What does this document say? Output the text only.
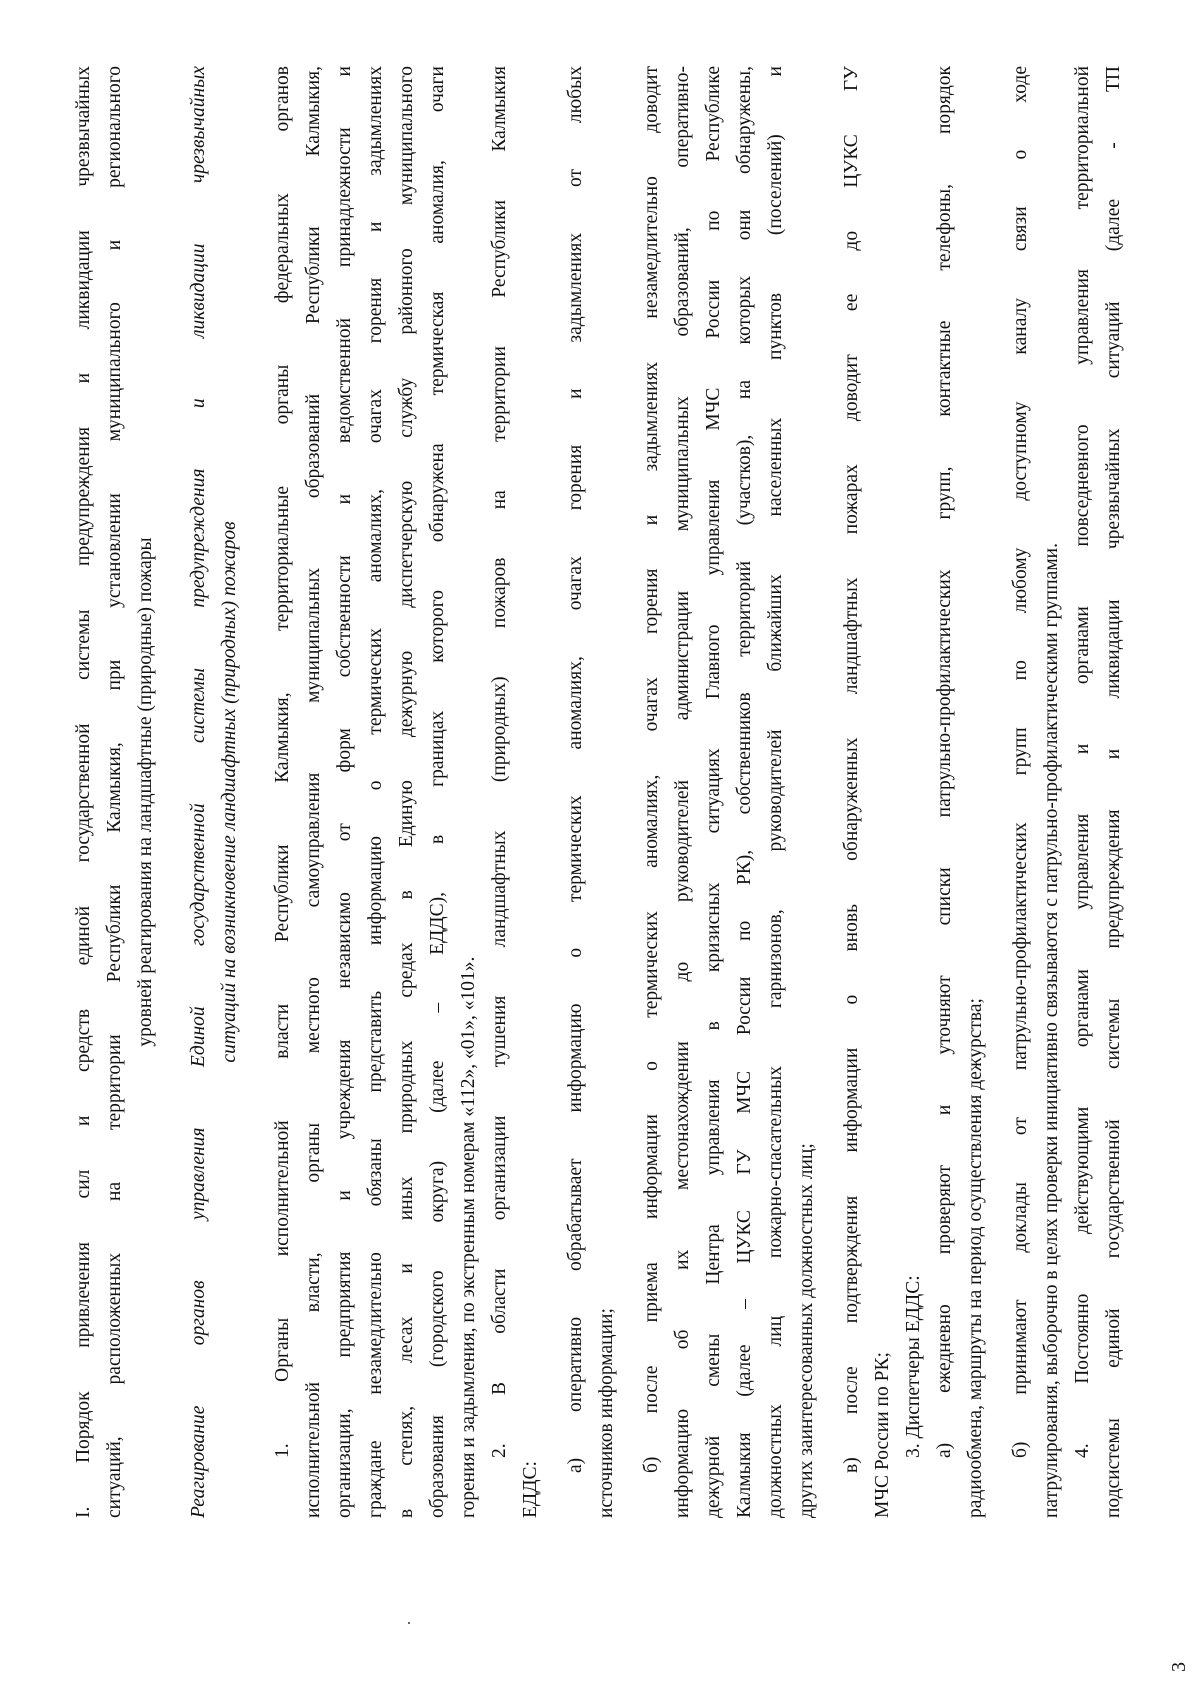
I. Порядок привлечения сил и средств единой государственной системы предупреждения и ликвидации чрезвычайных ситуаций, расположенных на территории Республики Калмыкия, при установлении муниципального и регионального уровней реагирования на ландшафтные (природные) пожары Реагирование органов управления Единой государственной системы предупреждения и ликвидации чрезвычайных ситуаций на возникновение ландшафтных (природных) пожаров 1. Органы исполнительной власти Республики Калмыкия, территориальные органы федеральных органов исполнительной власти, органы местного самоуправления муниципальных образований Республики Калмыкия, организации, предприятия и учреждения независимо от форм собственности и ведомственной принадлежности и граждане незамедлительно обязаны представить информацию о термических аномалиях, очагах горения и задымлениях в степях, лесах и иных природных средах в Единую дежурную диспетчерскую службу районного муниципального образования (городского округа) (далее – ЕДДС), в границах которого обнаружена термическая аномалия, очаги горения и задымления, по экстренным номерам «112», «01», «101». 2. В области организации тушения ландшафтных (природных) пожаров на территории Республики Калмыкия
ЕДДС:
а) оперативно обрабатывает информацию о термических аномалиях, очагах горения и задымлениях от любых источников информации; б) после приема информации о термических аномалиях, очагах горения и задымлениях незамедлительно доводит информацию об их местонахождении до руководителей администрации муниципальных образований, оперативно- дежурной смены Центра управления в кризисных ситуациях Главного управления МЧС России по Республике Калмыкия (далее – ЦУКС ГУ МЧС России по РК), собственников территорий (участков), на которых они обнаружены, должностных лиц пожарно-спасательных гарнизонов, руководителей ближайших населенных пунктов (поселений) и других заинтересованных должностных лиц; в) после подтверждения информации о вновь обнаруженных ландшафтных пожарах доводит ее до ЦУКС ГУ МЧС России по РК; 3. Диспетчеры ЕДДС: а) ежедневно проверяют и уточняют списки патрульно-профилактических групп, контактные телефоны, порядок радиообмена, маршруты на период осуществления дежурства; б) принимают доклады от патрульно-профилактических групп по любому доступному каналу связи о ходе патрулирования, выборочно в целях проверки инициативно связываются с патрульно-профилактическими группами. 4. Постоянно действующими органами управления и органами повседневного управления территориальной подсистемы единой государственной системы предупреждения и ликвидации чрезвычайных ситуаций (далее - ТП
3
